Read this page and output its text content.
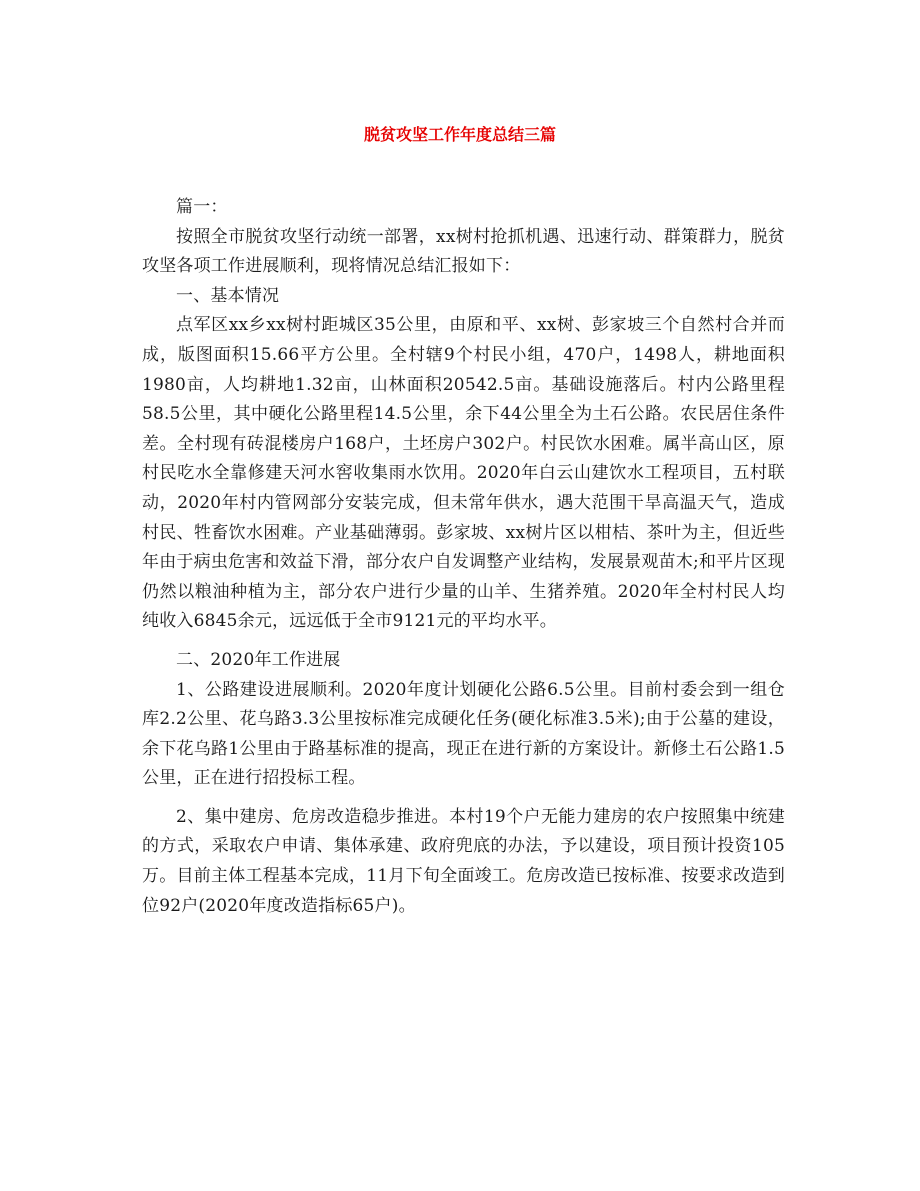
脱贫攻坚工作年度总结三篇

篇一：

按照全市脱贫攻坚行动统一部署，xx树村抢抓机遇、迅速行动、群策群力，脱贫攻坚各项工作进展顺利，现将情况总结汇报如下：

一、基本情况

点军区xx乡xx树村距城区35公里，由原和平、xx树、彭家坡三个自然村合并而成，版图面积15.66平方公里。全村辖9个村民小组，470户，1498人，耕地面积1980亩，人均耕地1.32亩，山林面积20542.5亩。基础设施落后。村内公路里程58.5公里，其中硬化公路里程14.5公里，余下44公里全为土石公路。农民居住条件差。全村现有砖混楼房户168户，土坯房户302户。村民饮水困难。属半高山区，原村民吃水全靠修建天河水窖收集雨水饮用。2020年白云山建饮水工程项目，五村联动，2020年村内管网部分安装完成，但未常年供水，遇大范围干旱高温天气，造成村民、牲畜饮水困难。产业基础薄弱。彭家坡、xx树片区以柑桔、茶叶为主，但近些年由于病虫危害和效益下滑，部分农户自发调整产业结构，发展景观苗木;和平片区现仍然以粮油种植为主，部分农户进行少量的山羊、生猪养殖。2020年全村村民人均纯收入6845余元，远远低于全市9121元的平均水平。

二、2020年工作进展

1、公路建设进展顺利。2020年度计划硬化公路6.5公里。目前村委会到一组仓库2.2公里、花乌路3.3公里按标准完成硬化任务(硬化标准3.5米);由于公墓的建设，余下花乌路1公里由于路基标准的提高，现正在进行新的方案设计。新修土石公路1.5公里，正在进行招投标工程。

2、集中建房、危房改造稳步推进。本村19个户无能力建房的农户按照集中统建的方式，采取农户申请、集体承建、政府兜底的办法，予以建设，项目预计投资105万。目前主体工程基本完成，11月下旬全面竣工。危房改造已按标准、按要求改造到位92户(2020年度改造指标65户)。
